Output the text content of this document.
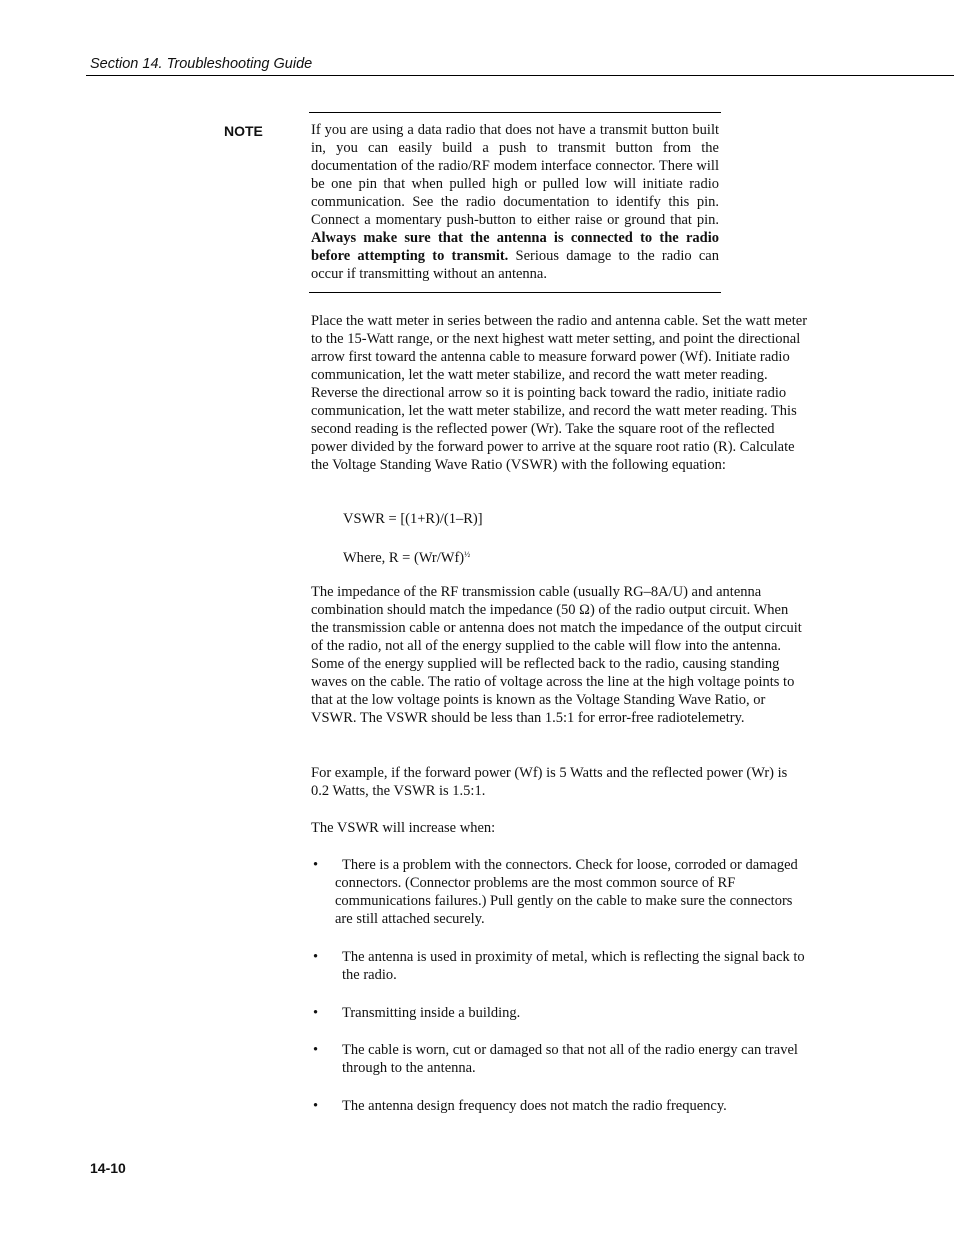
Section 14. Troubleshooting Guide
NOTE	If you are using a data radio that does not have a transmit button built in, you can easily build a push to transmit button from the documentation of the radio/RF modem interface connector. There will be one pin that when pulled high or pulled low will initiate radio communication. See the radio documentation to identify this pin. Connect a momentary push-button to either raise or ground that pin. Always make sure that the antenna is connected to the radio before attempting to transmit. Serious damage to the radio can occur if transmitting without an antenna.

Place the watt meter in series between the radio and antenna cable. Set the watt meter to the 15-Watt range, or the next highest watt meter setting, and point the directional arrow first toward the antenna cable to measure forward power (Wf). Initiate radio communication, let the watt meter stabilize, and record the watt meter reading. Reverse the directional arrow so it is pointing back toward the radio, initiate radio communication, let the watt meter stabilize, and record the watt meter reading. This second reading is the reflected power (Wr). Take the square root of the reflected power divided by the forward power to arrive at the square root ratio (R). Calculate the Voltage Standing Wave Ratio (VSWR) with the following equation:

VSWR = [(1+R)/(1–R)]
Where, $R = (Wr/Wf)^{\frac{1}{2}}$

The impedance of the RF transmission cable (usually RG–8A/U) and antenna combination should match the impedance (50 Ω) of the radio output circuit. When the transmission cable or antenna does not match the impedance of the output circuit of the radio, not all of the energy supplied to the cable will flow into the antenna. Some of the energy supplied will be reflected back to the radio, causing standing waves on the cable. The ratio of voltage across the line at the high voltage points to that at the low voltage points is known as the Voltage Standing Wave Ratio, or VSWR. The VSWR should be less than 1.5:1 for error-free radiotelemetry.

For example, if the forward power (Wf) is 5 Watts and the reflected power (Wr) is 0.2 Watts, the VSWR is 1.5:1.

The VSWR will increase when:

•	There is a problem with the connectors. Check for loose, corroded or damaged connectors. (Connector problems are the most common source of RF communications failures.) Pull gently on the cable to make sure the connectors are still attached securely.
• The antenna is used in proximity of metal, which is reflecting the signal back to the radio.
• Transmitting inside a building.
• The cable is worn, cut or damaged so that not all of the radio energy can travel through to the antenna.
• The antenna design frequency does not match the radio frequency.
14-10
